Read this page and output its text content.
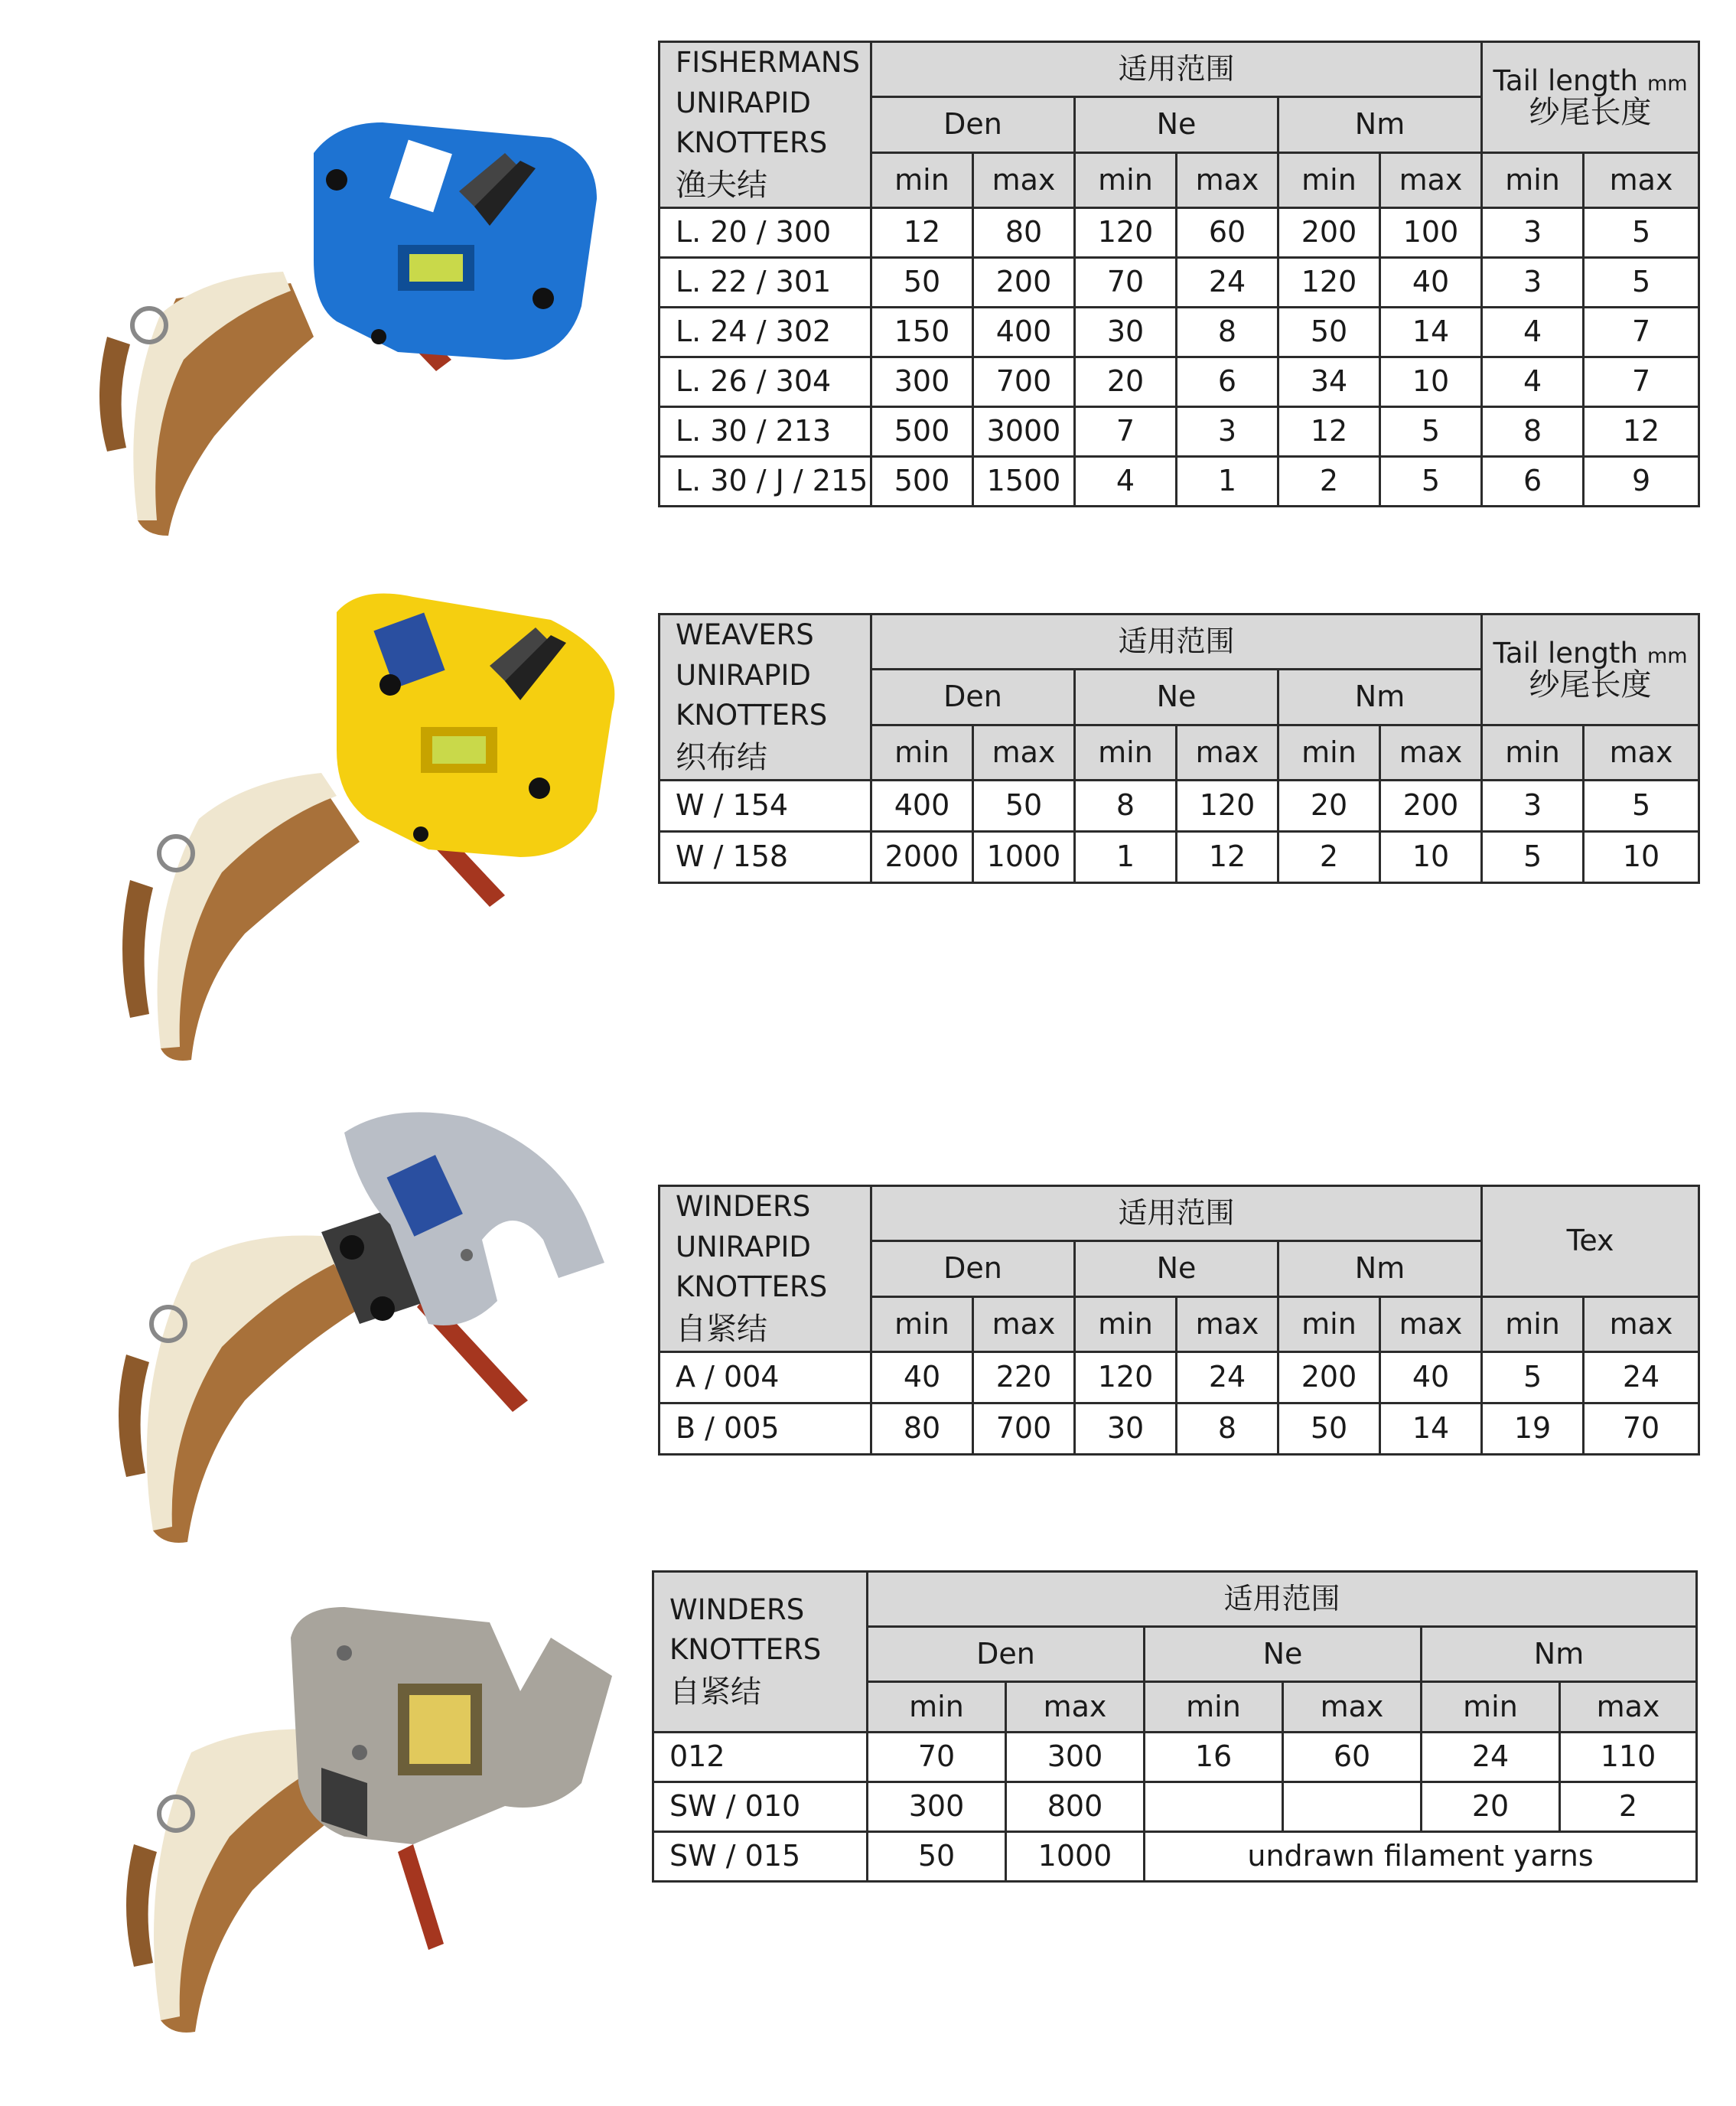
FISHERMANS
UNIRAPID
KNOTTERS
渔夫结	适用范围						Tail length mm
纱尾长度	
	Den		Ne		Nm			
	min	max	min	max	min	max	min	max
L. 20 / 300	12	80	120	60	200	100	3	5
L. 22 / 301	50	200	70	24	120	40	3	5
L. 24 / 302	150	400	30	8	50	14	4	7
L. 26 / 304	300	700	20	6	34	10	4	7
L. 30 / 213	500	3000	7	3	12	5	8	12
L. 30 / J / 215	500	1500	4	1	2	5	6	9
WEAVERS
UNIRAPID
KNOTTERS
织布结	适用范围						Tail length mm
纱尾长度	
	Den		Ne		Nm			
	min	max	min	max	min	max	min	max
W / 154	400	50	8	120	20	200	3	5
W / 158	2000	1000	1	12	2	10	5	10
WINDERS
UNIRAPID
KNOTTERS
自紧结	适用范围						Tex	
	Den		Ne		Nm			
	min	max	min	max	min	max	min	max
A / 004	40	220	120	24	200	40	5	24
B / 005	80	700	30	8	50	14	19	70
WINDERS
KNOTTERS
自紧结	适用范围					
	Den		Ne		Nm	
	min	max	min	max	min	max
012	70	300	16	60	24	110
SW / 010	300	800			20	2
SW / 015	50	1000	undrawn filament yarns			
